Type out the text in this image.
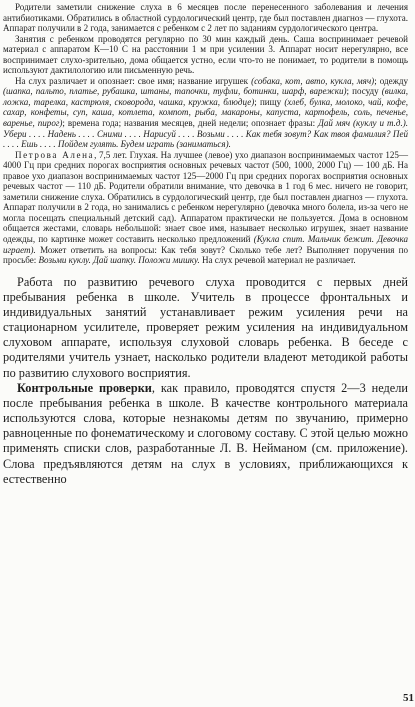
Родители заметили снижение слуха в 6 месяцев после перенесенного заболевания и лечения антибиотиками. Обратились в областной сурдологический центр, где был поставлен диагноз — глухота. Аппарат получили в 2 года, занимается с ребенком с 2 лет по заданиям сурдологического центра.

Занятия с ребенком проводятся регулярно по 30 мин каждый день. Саша воспринимает речевой материал с аппаратом К—10 С на расстоянии 1 м при усилении 3. Аппарат носит нерегулярно, все воспринимает слухо-зрительно, дома общается устно, если что-то не понимает, то родители в помощь используют дактилологию или письменную речь.

На слух различает и опознает: свое имя; название игрушек (собака, кот, авто, кукла, мяч); одежду (шапка, пальто, платье, рубашка, штаны, тапочки, туфли, ботинки, шарф, варежки); посуду (вилка, ложка, тарелка, кастрюля, сковорода, чашка, кружка, блюдце); пищу (хлеб, булка, молоко, чай, кофе, сахар, конфеты, суп, каша, котлета, компот, рыба, макароны, капуста, картофель, соль, печенье, варенье, пирог); времена года; названия месяцев, дней недели; опознает фразы: Дай мяч (куклу и т.д.). Убери . . . . Надень . . . . Сними . . . . Нарисуй . . . . Возьми . . . . Как тебя зовут? Как твоя фамилия? Пей . . . . Ешь . . . . Пойдем гулять. Будем играть (заниматься).

Петрова Алена, 7,5 лет. Глухая. На лучшее (левое) ухо диапазон воспринимаемых частот 125—4000 Гц при средних порогах восприятия основных речевых частот (500, 1000, 2000 Гц) — 100 дБ. На правое ухо диапазон воспринимаемых частот 125—2000 Гц при средних порогах восприятия основных речевых частот — 110 дБ. Родители обратили внимание, что девочка в 1 год 6 мес. ничего не говорит, заметили снижение слуха. Обратились в сурдологический центр, где был поставлен диагноз — глухота. Аппарат получили в 2 года, но занимались с ребенком нерегулярно (девочка много болела, из-за чего не могла посещать специальный детский сад). Аппаратом практически не пользуется. Дома в основном общается жестами, словарь небольшой: знает свое имя, называет несколько игрушек, знает название одежды, по картинке может составить несколько предложений (Кукла спит. Мальчик бежит. Девочка играет). Может ответить на вопросы: Как тебя зовут? Сколько тебе лет? Выполняет поручения по просьбе: Возьми куклу. Дай шапку. Положи мишку. На слух речевой материал не различает.

Работа по развитию речевого слуха проводится с первых дней пребывания ребенка в школе. Учитель в процессе фронтальных и индивидуальных занятий устанавливает режим усиления речи на стационарном усилителе, проверяет режим усиления на индивидуальном слуховом аппарате, используя слуховой словарь ребенка. В беседе с родителями учитель узнает, насколько родители владеют методикой работы по развитию слухового восприятия.

Контрольные проверки, как правило, проводятся спустя 2—3 недели после пребывания ребенка в школе. В качестве контрольного материала используются слова, которые незнакомы детям по звучанию, примерно равноценные по фонематическому и слоговому составу. С этой целью можно применять списки слов, разработанные Л. В. Нейманом (см. приложение). Слова предъявляются детям на слух в условиях, приближающихся к естественно

51
